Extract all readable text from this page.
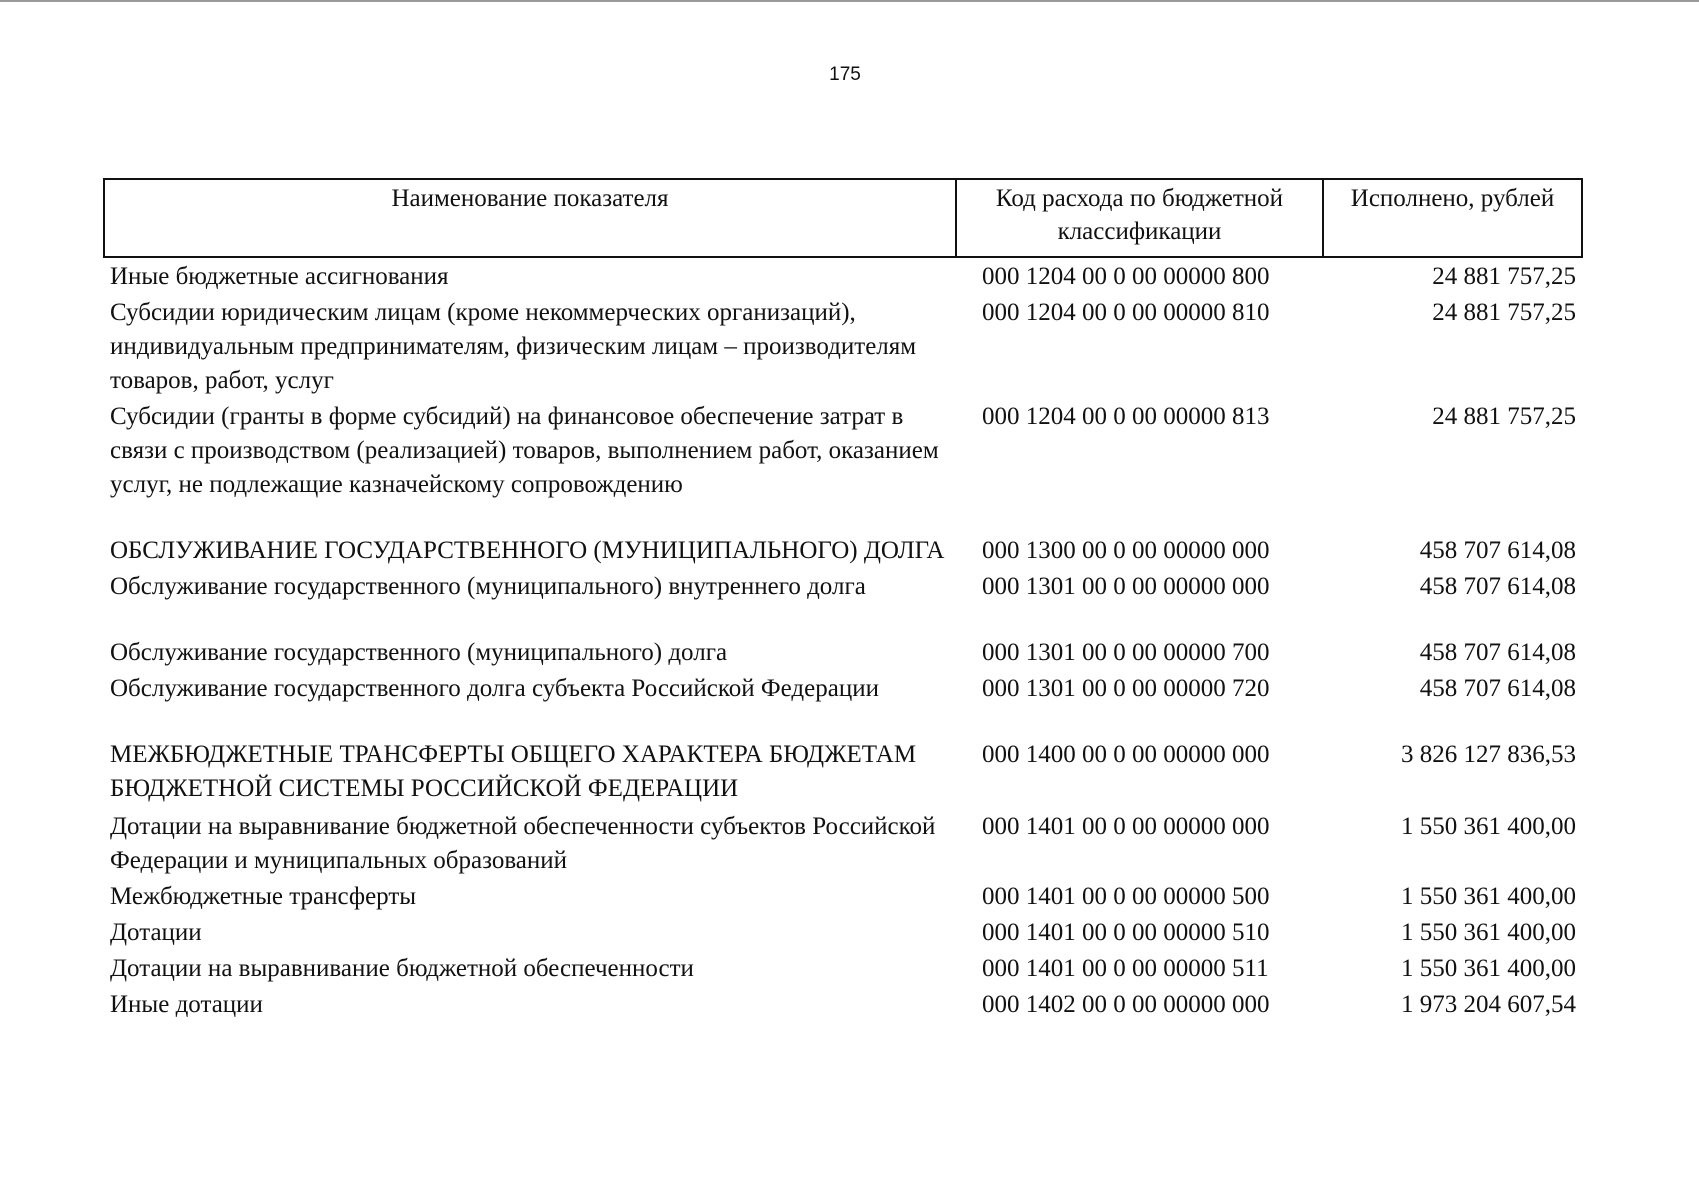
175
Наименование показателя	Код расхода по бюджетной классификации	Исполнено, рублей
Иные бюджетные ассигнования	000 1204 00 0 00 00000 800	24 881 757,25
Субсидии юридическим лицам (кроме некоммерческих организаций), индивидуальным предпринимателям, физическим лицам – производителям товаров, работ, услуг	000 1204 00 0 00 00000 810	24 881 757,25
Субсидии (гранты в форме субсидий) на финансовое обеспечение затрат в связи с производством (реализацией) товаров, выполнением работ, оказанием услуг, не подлежащие казначейскому сопровождению	000 1204 00 0 00 00000 813	24 881 757,25
ОБСЛУЖИВАНИЕ ГОСУДАРСТВЕННОГО (МУНИЦИПАЛЬНОГО) ДОЛГА	000 1300 00 0 00 00000 000	458 707 614,08
Обслуживание государственного (муниципального) внутреннего долга	000 1301 00 0 00 00000 000	458 707 614,08
Обслуживание государственного (муниципального) долга	000 1301 00 0 00 00000 700	458 707 614,08
Обслуживание государственного долга субъекта Российской Федерации	000 1301 00 0 00 00000 720	458 707 614,08
МЕЖБЮДЖЕТНЫЕ ТРАНСФЕРТЫ ОБЩЕГО ХАРАКТЕРА БЮДЖЕТАМ БЮДЖЕТНОЙ СИСТЕМЫ РОССИЙСКОЙ ФЕДЕРАЦИИ	000 1400 00 0 00 00000 000	3 826 127 836,53
Дотации на выравнивание бюджетной обеспеченности субъектов Российской Федерации и муниципальных образований	000 1401 00 0 00 00000 000	1 550 361 400,00
Межбюджетные трансферты	000 1401 00 0 00 00000 500	1 550 361 400,00
Дотации	000 1401 00 0 00 00000 510	1 550 361 400,00
Дотации на выравнивание бюджетной обеспеченности	000 1401 00 0 00 00000 511	1 550 361 400,00
Иные дотации	000 1402 00 0 00 00000 000	1 973 204 607,54
